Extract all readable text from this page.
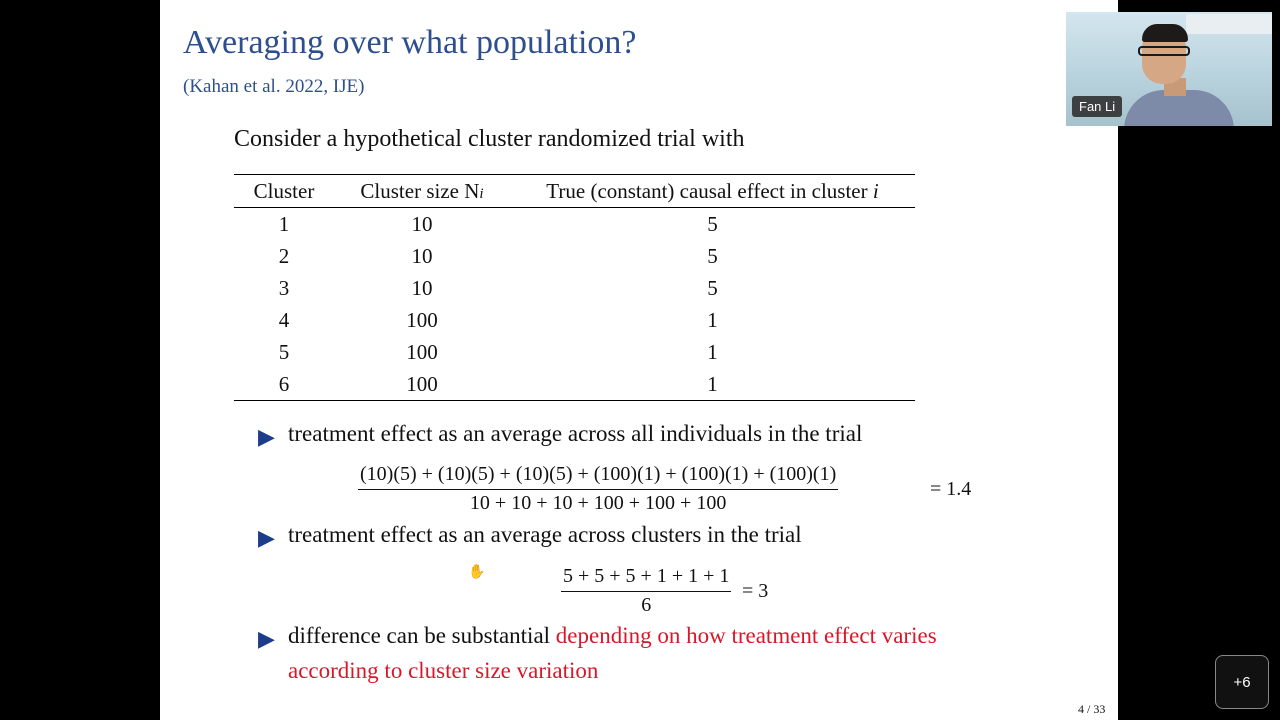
Averaging over what population?
(Kahan et al. 2022, IJE)
Consider a hypothetical cluster randomized trial with
Cluster	Cluster size Ni	True (constant) causal effect in cluster i
1	10	5
2	10	5
3	10	5
4	100	1
5	100	1
6	100	1
▶ treatment effect as an average across all individuals in the trial
$\frac{(10)(5) + (10)(5) + (10)(5) + (100)(1) + (100)(1) + (100)(1)}{10 + 10 + 10 + 100 + 100 + 100}$	= 1.4
▶ treatment effect as an average across clusters in the trial
$\frac{5 + 5 + 5 + 1 + 1 + 1}{6} = 3$
✋
▶ difference can be substantial depending on how treatment effect varies
according to cluster size variation
4 / 33
Fan Li
+6
